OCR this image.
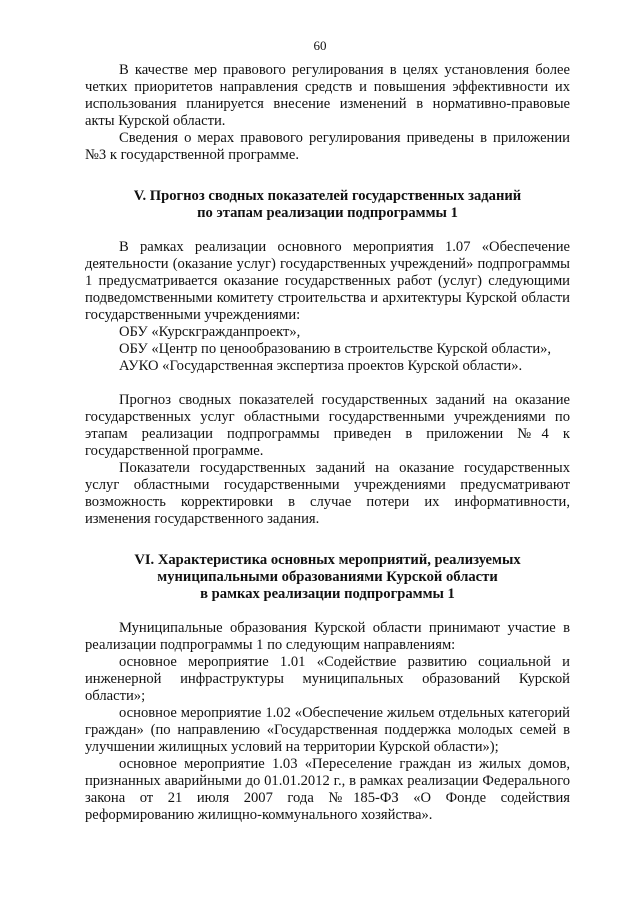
60

В качестве мер правового регулирования в целях установления более четких приоритетов направления средств и повышения эффективности их использования планируется внесение изменений в нормативно-правовые акты Курской области.

Сведения о мерах правового регулирования приведены в приложении №3 к государственной программе.

V. Прогноз сводных показателей государственных заданий
по этапам реализации подпрограммы 1

В рамках реализации основного мероприятия 1.07 «Обеспечение деятельности (оказание услуг) государственных учреждений» подпрограммы 1 предусматривается оказание государственных работ (услуг) следующими подведомственными комитету строительства и архитектуры Курской области государственными учреждениями:

ОБУ «Курскгражданпроект»,

ОБУ «Центр по ценообразованию в строительстве Курской области»,

АУКО «Государственная экспертиза проектов Курской области».

Прогноз сводных показателей государственных заданий на оказание государственных услуг областными государственными учреждениями по этапам реализации подпрограммы приведен в приложении №4 к государственной программе.

Показатели государственных заданий на оказание государственных услуг областными государственными учреждениями предусматривают возможность корректировки в случае потери их информативности, изменения государственного задания.

VI. Характеристика основных мероприятий, реализуемых
муниципальными образованиями Курской области
в рамках реализации подпрограммы 1

Муниципальные образования Курской области принимают участие в реализации подпрограммы 1 по следующим направлениям:

основное мероприятие 1.01 «Содействие развитию социальной и инженерной инфраструктуры муниципальных образований Курской области»;

основное мероприятие 1.02 «Обеспечение жильем отдельных категорий граждан» (по направлению «Государственная поддержка молодых семей в улучшении жилищных условий на территории Курской области»);

основное мероприятие 1.03 «Переселение граждан из жилых домов, признанных аварийными до 01.01.2012 г., в рамках реализации Федерального закона от 21 июля 2007 года №185-ФЗ «О Фонде содействия реформированию жилищно-коммунального хозяйства».
